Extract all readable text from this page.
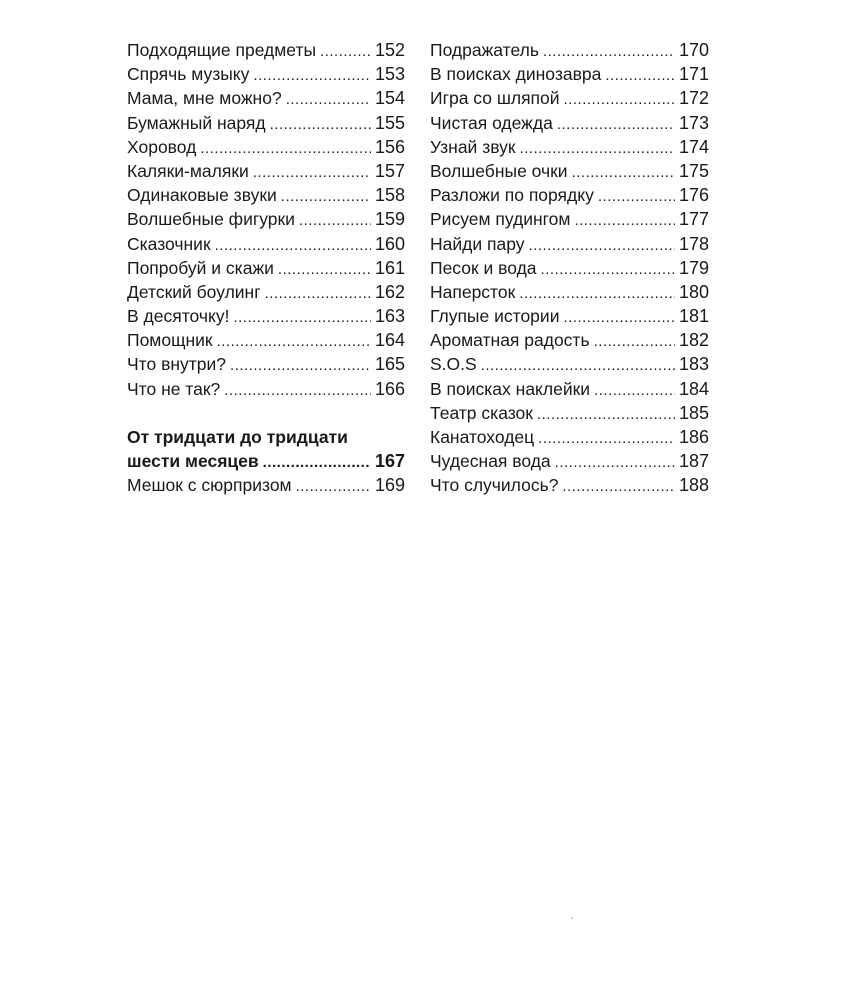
Подходящие предметы .....	152
Спрячь музыку .....	153
Мама, мне можно? .....	154
Бумажный наряд .....	155
Хоровод .....	156
Каляки-маляки .....	157
Одинаковые звуки .....	158
Волшебные фигурки .....	159
Сказочник .....	160
Попробуй и скажи .....	161
Детский боулинг .....	162
В десяточку! .....	163
Помощник .....	164
Что внутри? .....	165
Что не так? .....	166
От тридцати до тридцати
шести месяцев .....	167
Мешок с сюрпризом .....	169
Подражатель .....	170
В поисках динозавра .....	171
Игра со шляпой .....	172
Чистая одежда .....	173
Узнай звук .....	174
Волшебные очки .....	175
Разложи по порядку .....	176
Рисуем пудингом .....	177
Найди пару .....	178
Песок и вода .....	179
Наперсток .....	180
Глупые истории .....	181
Ароматная радость .....	182
S.O.S .....	183
В поисках наклейки .....	184
Театр сказок .....	185
Канатоходец .....	186
Чудесная вода .....	187
Что случилось? .....	188
